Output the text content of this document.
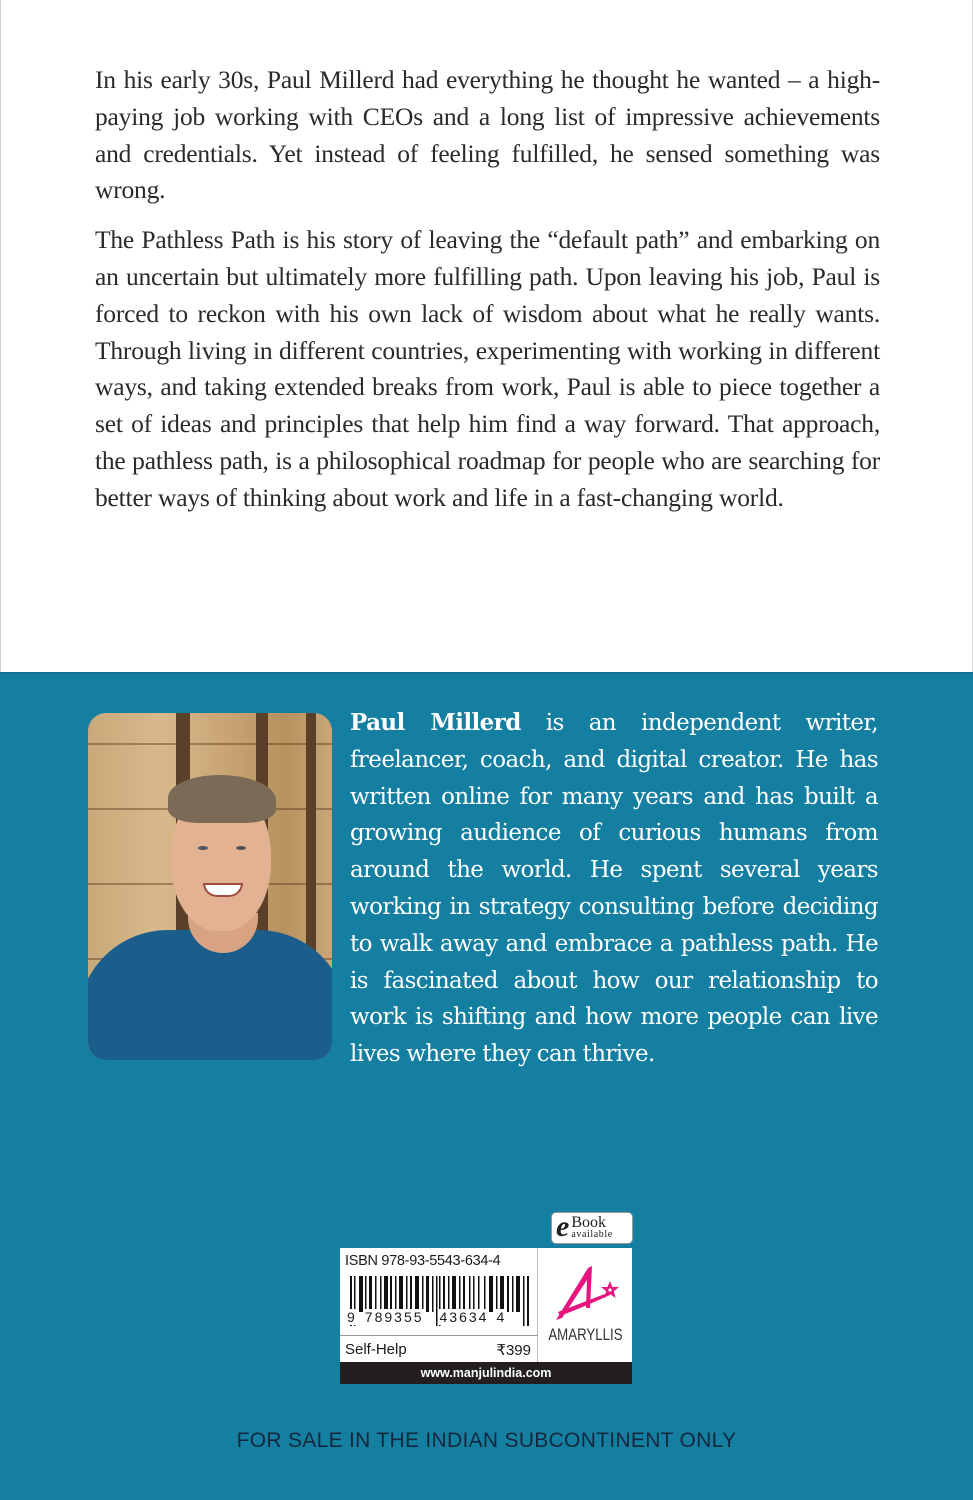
In his early 30s, Paul Millerd had everything he thought he wanted – a high-paying job working with CEOs and a long list of impressive achievements and credentials. Yet instead of feeling fulfilled, he sensed something was wrong.

The Pathless Path is his story of leaving the “default path” and embarking on an uncertain but ultimately more fulfilling path. Upon leaving his job, Paul is forced to reckon with his own lack of wisdom about what he really wants. Through living in different countries, experimenting with working in different ways, and taking extended breaks from work, Paul is able to piece together a set of ideas and principles that help him find a way forward. That approach, the pathless path, is a philosophical roadmap for people who are searching for better ways of thinking about work and life in a fast-changing world.

Paul Millerd is an independent writer, freelancer, coach, and digital creator. He has written online for many years and has built a growing audience of curious humans from around the world. He spent several years working in strategy consulting before deciding to walk away and embrace a pathless path. He is fascinated about how our relationship to work is shifting and how more people can live lives where they can thrive.
e Book
available
ISBN 978-93-5543-634-4
9 789355 43634 4
Self-Help	₹399
AMARYLLIS
www.manjulindia.com
FOR SALE IN THE INDIAN SUBCONTINENT ONLY
